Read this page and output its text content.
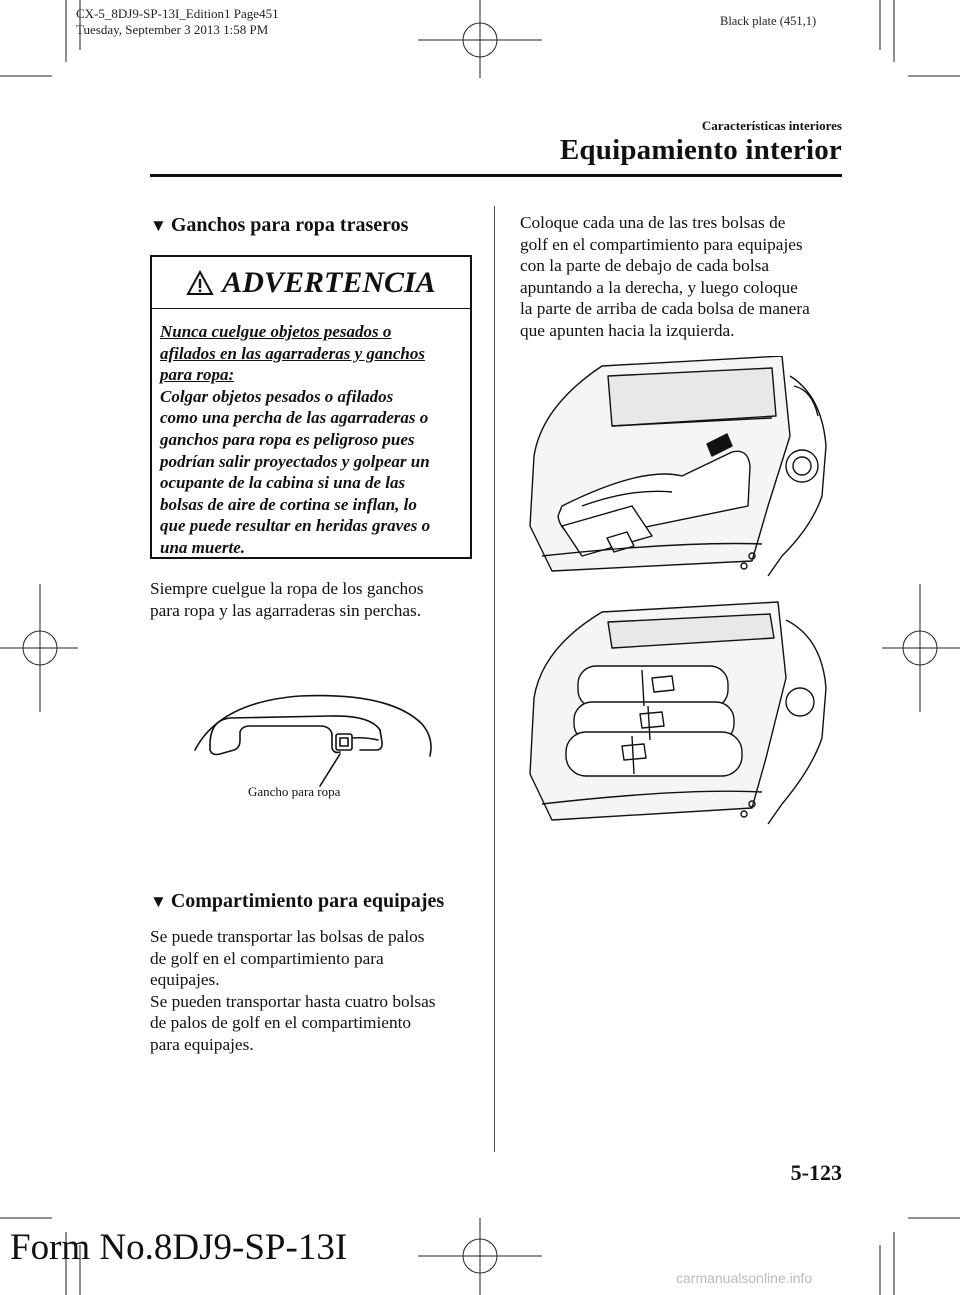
CX-5_8DJ9-SP-13I_Edition1 Page451
Tuesday, September 3 2013 1:58 PM
Black plate (451,1)
Características interiores
Equipamiento interior
▼ Ganchos para ropa traseros
ADVERTENCIA
Nunca cuelgue objetos pesados o
afilados en las agarraderas y ganchos
para ropa:
Colgar objetos pesados o afilados
como una percha de las agarraderas o
ganchos para ropa es peligroso pues
podrían salir proyectados y golpear un
ocupante de la cabina si una de las
bolsas de aire de cortina se inflan, lo
que puede resultar en heridas graves o
una muerte.
Siempre cuelgue la ropa de los ganchos
para ropa y las agarraderas sin perchas.
Gancho para ropa
▼ Compartimiento para equipajes
Se puede transportar las bolsas de palos
de golf en el compartimiento para
equipajes.
Se pueden transportar hasta cuatro bolsas
de palos de golf en el compartimiento
para equipajes.
Coloque cada una de las tres bolsas de
golf en el compartimiento para equipajes
con la parte de debajo de cada bolsa
apuntando a la derecha, y luego coloque
la parte de arriba de cada bolsa de manera
que apunten hacia la izquierda.
5-123
Form No.8DJ9-SP-13I
carmanualsonline.info
